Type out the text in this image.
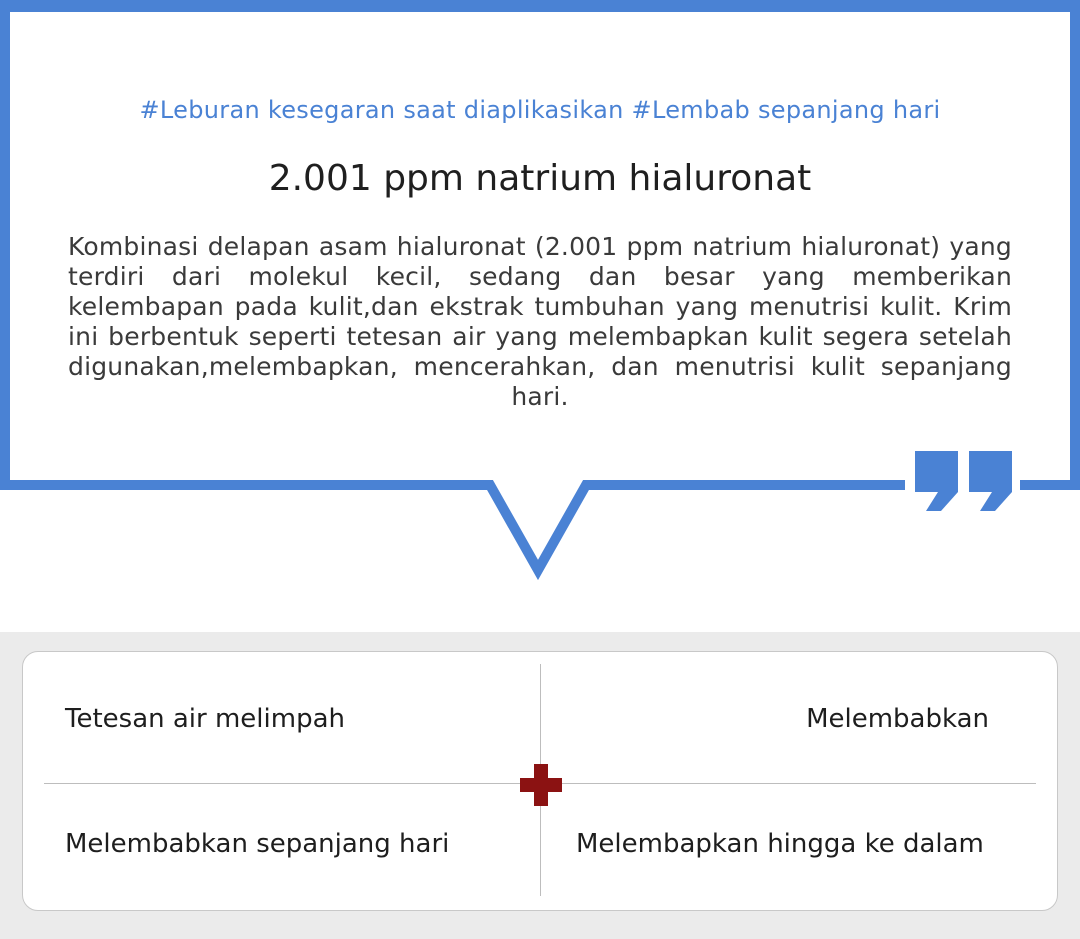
#Leburan kesegaran saat diaplikasikan #Lembab sepanjang hari
2.001 ppm natrium hialuronat
Kombinasi delapan asam hialuronat (2.001 ppm natrium hialuronat) yang terdiri dari molekul kecil, sedang dan besar yang memberikan kelembapan pada kulit,dan ekstrak tumbuhan yang menutrisi kulit. Krim ini berbentuk seperti tetesan air yang melembapkan kulit segera setelah digunakan,melembapkan, mencerahkan, dan menutrisi kulit sepanjang hari.
Tetesan air melimpah	Melembabkan
Melembabkan sepanjang hari	Melembapkan hingga ke dalam
